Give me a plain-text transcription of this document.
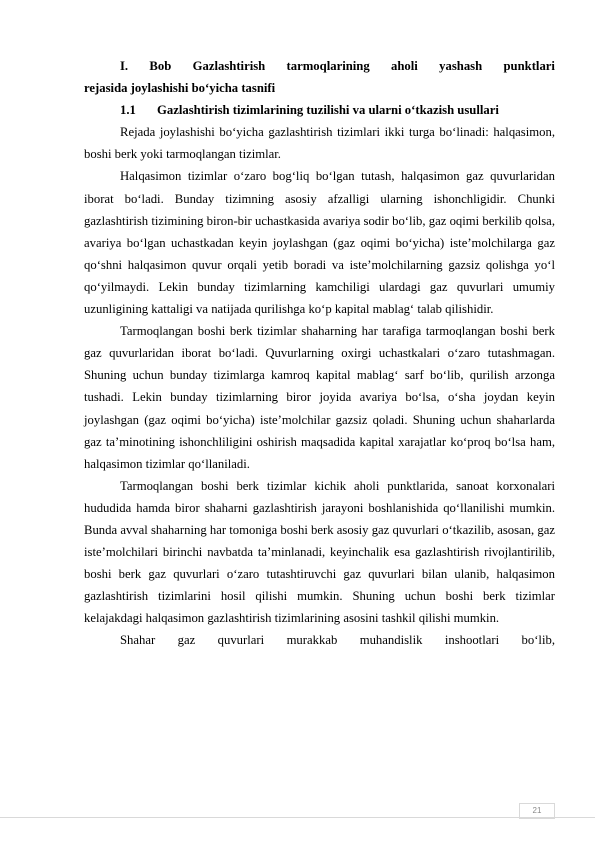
I. Bob Gazlashtirish tarmoqlarining aholi yashash punktlari
rejasida joylashishi bo‘yicha tasnifi
1.1	Gazlashtirish tizimlarining tuzilishi va ularni o‘tkazish usullari

Rejada joylashishi bo‘yicha gazlashtirish tizimlari ikki turga bo‘linadi: halqasimon, boshi berk yoki tarmoqlangan tizimlar.

Halqasimon tizimlar o‘zaro bog‘liq bo‘lgan tutash, halqasimon gaz quvurlaridan iborat bo‘ladi. Bunday tizimning asosiy afzalligi ularning ishonchligidir. Chunki gazlashtirish tizimining biron-bir uchastkasida avariya sodir bo‘lib, gaz oqimi berkilib qolsa, avariya bo‘lgan uchastkadan keyin joylashgan (gaz oqimi bo‘yicha) iste’molchilarga gaz qo‘shni halqasimon quvur orqali yetib boradi va iste’molchilarning gazsiz qolishga yo‘l qo‘yilmaydi. Lekin bunday tizimlarning kamchiligi ulardagi gaz quvurlari umumiy uzunligining kattaligi va natijada qurilishga ko‘p kapital mablag‘ talab qilishidir.

Tarmoqlangan boshi berk tizimlar shaharning har tarafiga tarmoqlangan boshi berk gaz quvurlaridan iborat bo‘ladi. Quvurlarning oxirgi uchastkalari o‘zaro tutashmagan. Shuning uchun bunday tizimlarga kamroq kapital mablag‘ sarf bo‘lib, qurilish arzonga tushadi. Lekin bunday tizimlarning biror joyida avariya bo‘lsa, o‘sha joydan keyin joylashgan (gaz oqimi bo‘yicha) iste’molchilar gazsiz qoladi. Shuning uchun shaharlarda gaz ta’minotining ishonchliligini oshirish maqsadida kapital xarajatlar ko‘proq bo‘lsa ham, halqasimon tizimlar qo‘llaniladi.

Tarmoqlangan boshi berk tizimlar kichik aholi punktlarida, sanoat korxonalari hududida hamda biror shaharni gazlashtirish jarayoni boshlanishida qo‘llanilishi mumkin. Bunda avval shaharning har tomoniga boshi berk asosiy gaz quvurlari o‘tkazilib, asosan, gaz iste’molchilari birinchi navbatda ta’minlanadi, keyinchalik esa gazlashtirish rivojlantirilib, boshi berk gaz quvurlari o‘zaro tutashtiruvchi gaz quvurlari bilan ulanib, halqasimon gazlashtirish tizimlarini hosil qilishi mumkin. Shuning uchun boshi berk tizimlar kelajakdagi halqasimon gazlashtirish tizimlarining asosini tashkil qilishi mumkin.

Shahar gaz quvurlari murakkab muhandislik inshootlari bo‘lib,

21
